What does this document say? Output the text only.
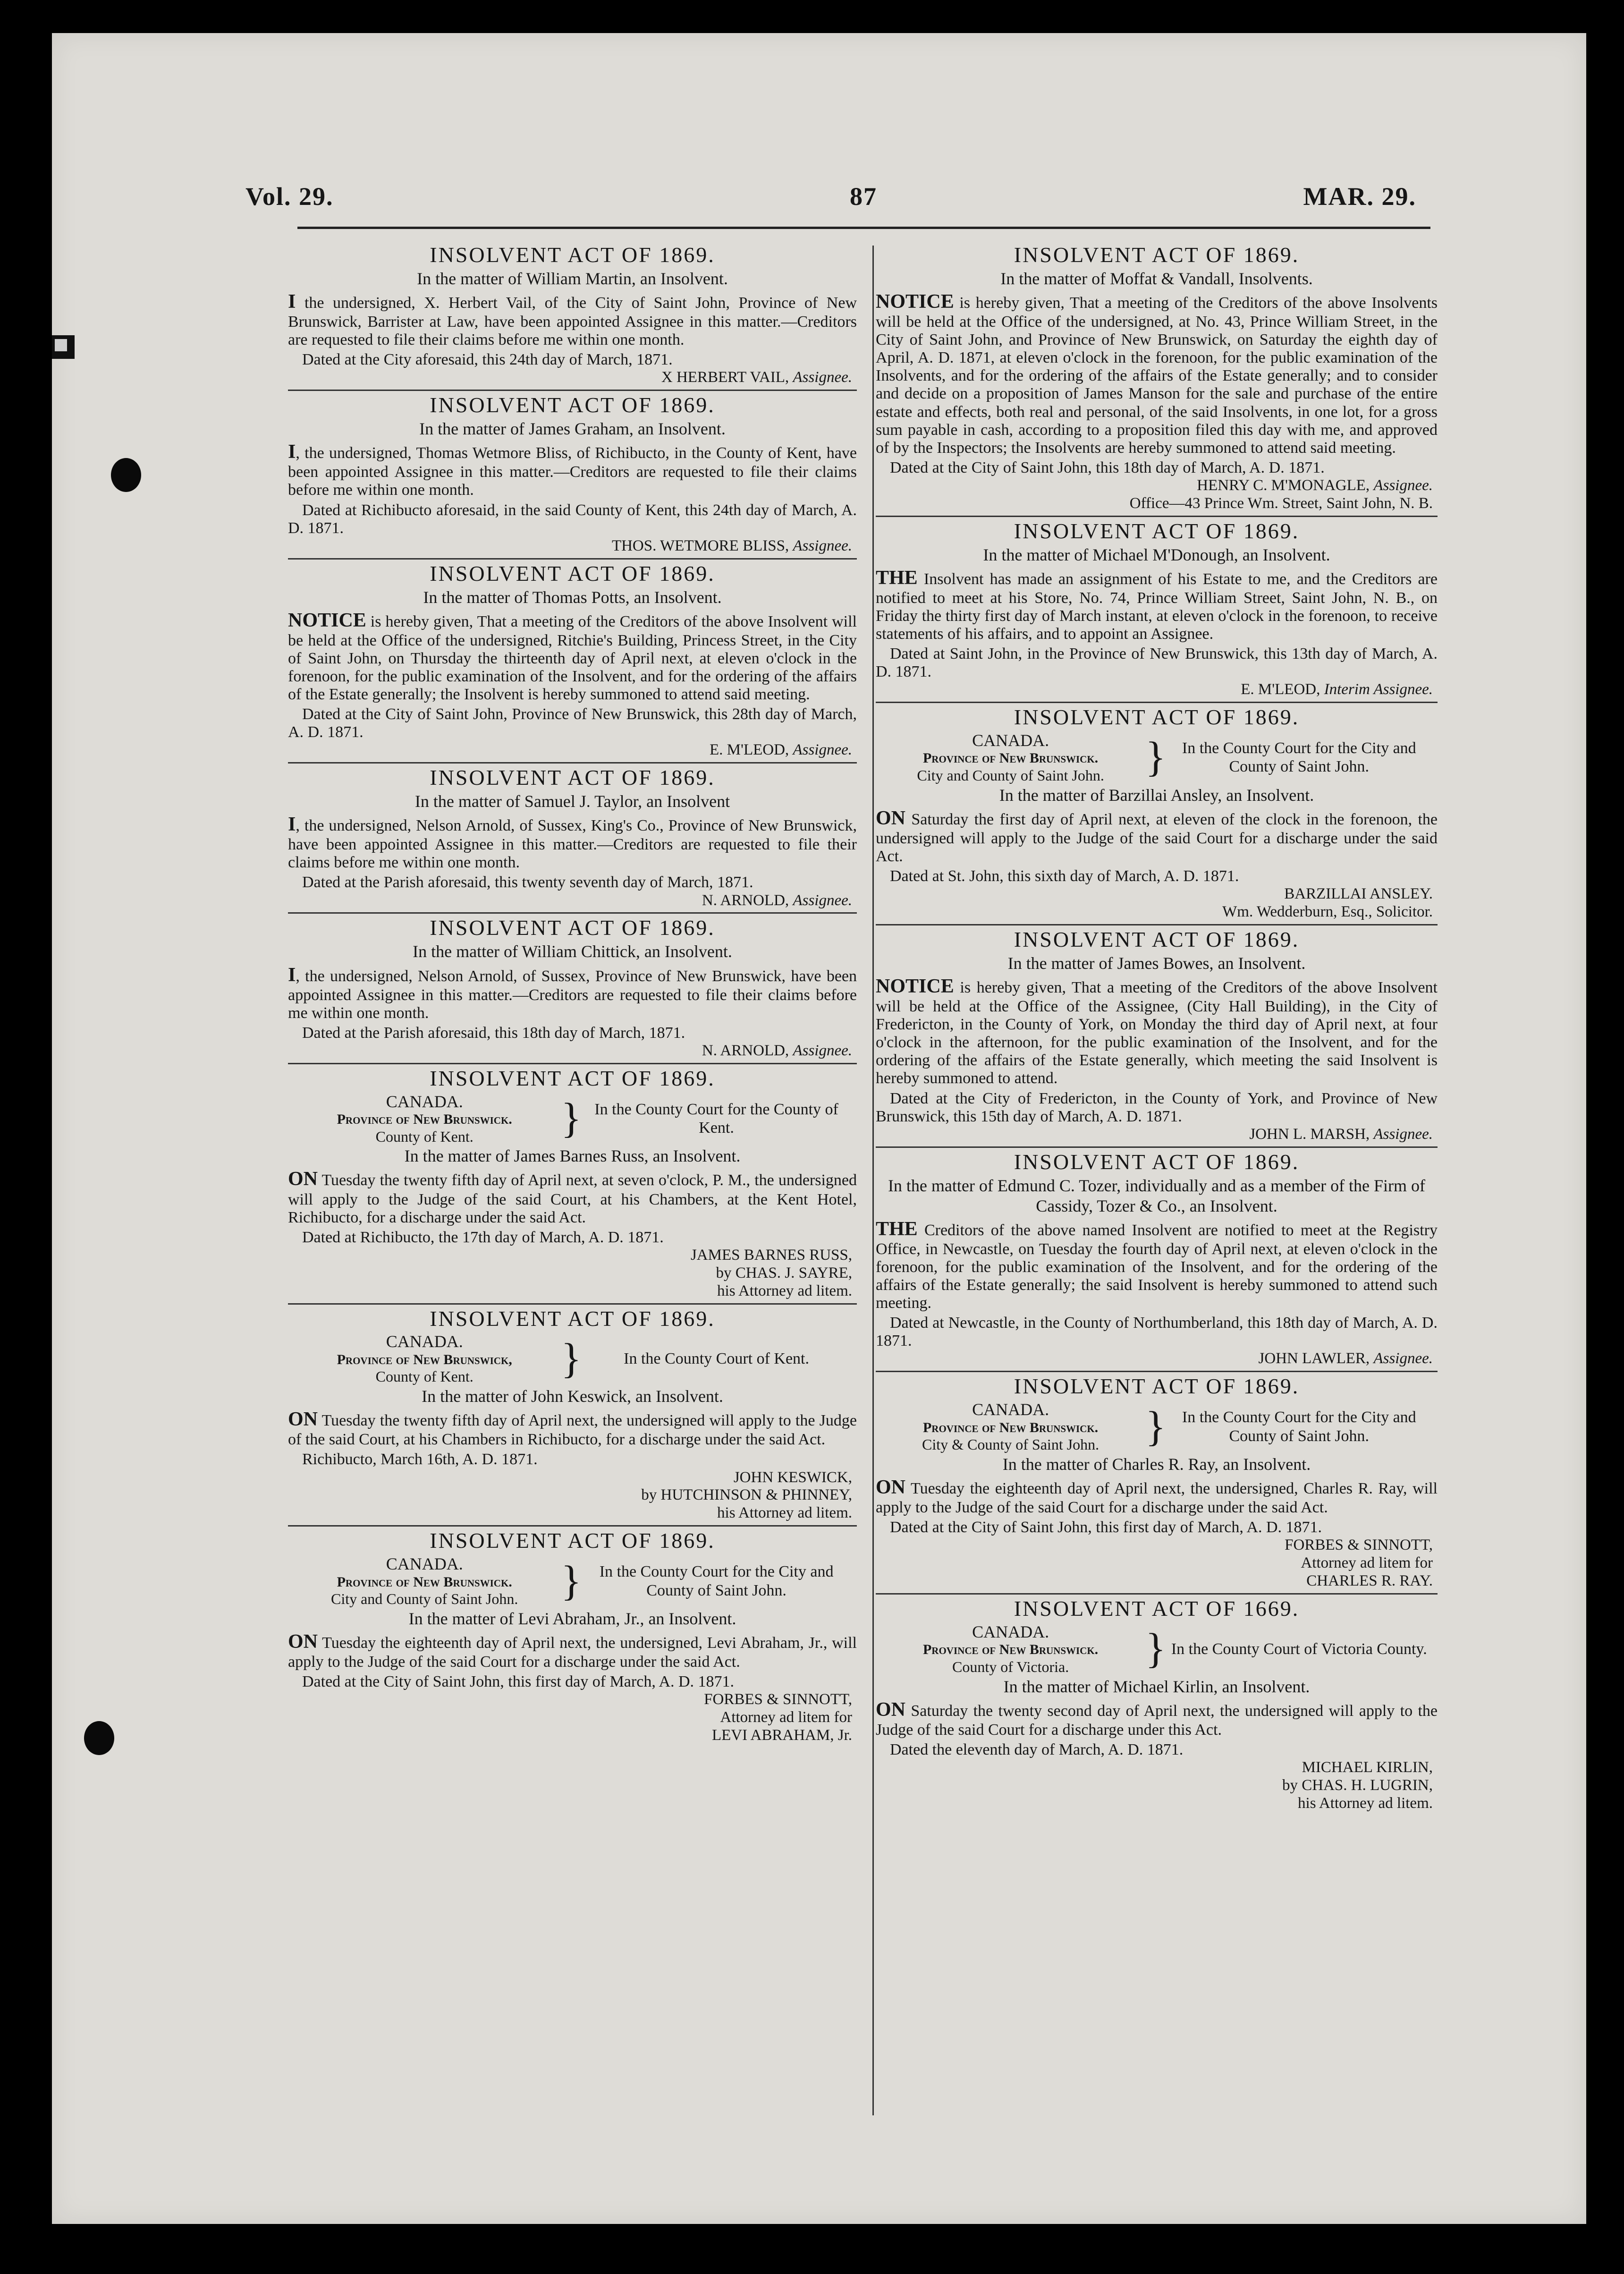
Vol. 29.	87	MAR. 29.
INSOLVENT ACT OF 1869.
In the matter of William Martin, an Insolvent.
I the undersigned, X. Herbert Vail, of the City of Saint John, Province of New Brunswick, Barrister at Law, have been appointed Assignee in this matter.—Creditors are requested to file their claims before me within one month.
Dated at the City aforesaid, this 24th day of March, 1871.
X HERBERT VAIL, Assignee.
INSOLVENT ACT OF 1869.
In the matter of James Graham, an Insolvent.
I, the undersigned, Thomas Wetmore Bliss, of Richibucto, in the County of Kent, have been appointed Assignee in this matter.—Creditors are requested to file their claims before me within one month.
Dated at Richibucto aforesaid, in the said County of Kent, this 24th day of March, A. D. 1871.
THOS. WETMORE BLISS, Assignee.
INSOLVENT ACT OF 1869.
In the matter of Thomas Potts, an Insolvent.
NOTICE is hereby given, That a meeting of the Creditors of the above Insolvent will be held at the Office of the undersigned, Ritchie's Building, Princess Street, in the City of Saint John, on Thursday the thirteenth day of April next, at eleven o'clock in the forenoon, for the public examination of the Insolvent, and for the ordering of the affairs of the Estate generally; the Insolvent is hereby summoned to attend said meeting.
Dated at the City of Saint John, Province of New Brunswick, this 28th day of March, A. D. 1871.
E. M'LEOD, Assignee.
INSOLVENT ACT OF 1869.
In the matter of Samuel J. Taylor, an Insolvent
I, the undersigned, Nelson Arnold, of Sussex, King's Co., Province of New Brunswick, have been appointed Assignee in this matter.—Creditors are requested to file their claims before me within one month.
Dated at the Parish aforesaid, this twenty seventh day of March, 1871.
N. ARNOLD, Assignee.
INSOLVENT ACT OF 1869.
In the matter of William Chittick, an Insolvent.
I, the undersigned, Nelson Arnold, of Sussex, Province of New Brunswick, have been appointed Assignee in this matter.—Creditors are requested to file their claims before me within one month.
Dated at the Parish aforesaid, this 18th day of March, 1871.
N. ARNOLD, Assignee.
INSOLVENT ACT OF 1869.
CANADA.
Province of New Brunswick.
County of Kent.	} In the County Court for the County of Kent.
In the matter of James Barnes Russ, an Insolvent.
ON Tuesday the twenty fifth day of April next, at seven o'clock, P. M., the undersigned will apply to the Judge of the said Court, at his Chambers, at the Kent Hotel, Richibucto, for a discharge under the said Act.
Dated at Richibucto, the 17th day of March, A. D. 1871.
JAMES BARNES RUSS,
by CHAS. J. SAYRE,
his Attorney ad litem.
INSOLVENT ACT OF 1869.
CANADA.
Province of New Brunswick,
County of Kent.	}	In the County Court of Kent.
In the matter of John Keswick, an Insolvent.
ON Tuesday the twenty fifth day of April next, the undersigned will apply to the Judge of the said Court, at his Chambers in Richibucto, for a discharge under the said Act.
Richibucto, March 16th, A. D. 1871.
JOHN KESWICK,
by HUTCHINSON & PHINNEY,
his Attorney ad litem.
INSOLVENT ACT OF 1869.
CANADA.
Province of New Brunswick.
City and County of Saint John.	}	In the County Court for the City and County of Saint John.
In the matter of Levi Abraham, Jr., an Insolvent.
ON Tuesday the eighteenth day of April next, the undersigned, Levi Abraham, Jr., will apply to the Judge of the said Court for a discharge under the said Act.
Dated at the City of Saint John, this first day of March, A. D. 1871.
FORBES & SINNOTT,
Attorney ad litem for
LEVI ABRAHAM, Jr.
INSOLVENT ACT OF 1869.
In the matter of Moffat & Vandall, Insolvents.
NOTICE is hereby given, That a meeting of the Creditors of the above Insolvents will be held at the Office of the undersigned, at No. 43, Prince William Street, in the City of Saint John, and Province of New Brunswick, on Saturday the eighth day of April, A. D. 1871, at eleven o'clock in the forenoon, for the public examination of the Insolvents, and for the ordering of the affairs of the Estate generally; and to consider and decide on a proposition of James Manson for the sale and purchase of the entire estate and effects, both real and personal, of the said Insolvents, in one lot, for a gross sum payable in cash, according to a proposition filed this day with me, and approved of by the Inspectors; the Insolvents are hereby summoned to attend said meeting.
Dated at the City of Saint John, this 18th day of March, A. D. 1871.
HENRY C. M'MONAGLE, Assignee.
Office—43 Prince Wm. Street, Saint John, N. B.
INSOLVENT ACT OF 1869.
In the matter of Michael M'Donough, an Insolvent.
THE Insolvent has made an assignment of his Estate to me, and the Creditors are notified to meet at his Store, No. 74, Prince William Street, Saint John, N. B., on Friday the thirty first day of March instant, at eleven o'clock in the forenoon, to receive statements of his affairs, and to appoint an Assignee.
Dated at Saint John, in the Province of New Brunswick, this 13th day of March, A. D. 1871.
E. M'LEOD, Interim Assignee.
INSOLVENT ACT OF 1869.
CANADA.
Province of New Brunswick.
City and County of Saint John. }	In the County Court for the City and County of Saint John.
In the matter of Barzillai Ansley, an Insolvent.
ON Saturday the first day of April next, at eleven of the clock in the forenoon, the undersigned will apply to the Judge of the said Court for a discharge under the said Act.
Dated at St. John, this sixth day of March, A. D. 1871.
BARZILLAI ANSLEY.
Wm. Wedderburn, Esq., Solicitor.
INSOLVENT ACT OF 1869.
In the matter of James Bowes, an Insolvent.
NOTICE is hereby given, That a meeting of the Creditors of the above Insolvent will be held at the Office of the Assignee, (City Hall Building), in the City of Fredericton, in the County of York, on Monday the third day of April next, at four o'clock in the afternoon, for the public examination of the Insolvent, and for the ordering of the affairs of the Estate generally, which meeting the said Insolvent is hereby summoned to attend.
Dated at the City of Fredericton, in the County of York, and Province of New Brunswick, this 15th day of March, A. D. 1871.
JOHN L. MARSH, Assignee.
INSOLVENT ACT OF 1869.
In the matter of Edmund C. Tozer, individually and as a member of the Firm of Cassidy, Tozer & Co., an Insolvent.
THE Creditors of the above named Insolvent are notified to meet at the Registry Office, in Newcastle, on Tuesday the fourth day of April next, at eleven o'clock in the forenoon, for the public examination of the Insolvent, and for the ordering of the affairs of the Estate generally; the said Insolvent is hereby summoned to attend such meeting.
Dated at Newcastle, in the County of Northumberland, this 18th day of March, A. D. 1871.
JOHN LAWLER, Assignee.
INSOLVENT ACT OF 1869.
CANADA.
Province of New Brunswick.
City & County of Saint John.	}	In the County Court for the City and County of Saint John.
In the matter of Charles R. Ray, an Insolvent.
ON Tuesday the eighteenth day of April next, the undersigned, Charles R. Ray, will apply to the Judge of the said Court for a discharge under the said Act.
Dated at the City of Saint John, this first day of March, A. D. 1871.
FORBES & SINNOTT,
Attorney ad litem for
CHARLES R. RAY.
INSOLVENT ACT OF 1669.
CANADA.
Province of New Brunswick.
County of Victoria.	} In the County Court of Victoria County.
In the matter of Michael Kirlin, an Insolvent.
ON Saturday the twenty second day of April next, the undersigned will apply to the Judge of the said Court for a discharge under this Act.
Dated the eleventh day of March, A. D. 1871.
MICHAEL KIRLIN,
by CHAS. H. LUGRIN,
his Attorney ad litem.
